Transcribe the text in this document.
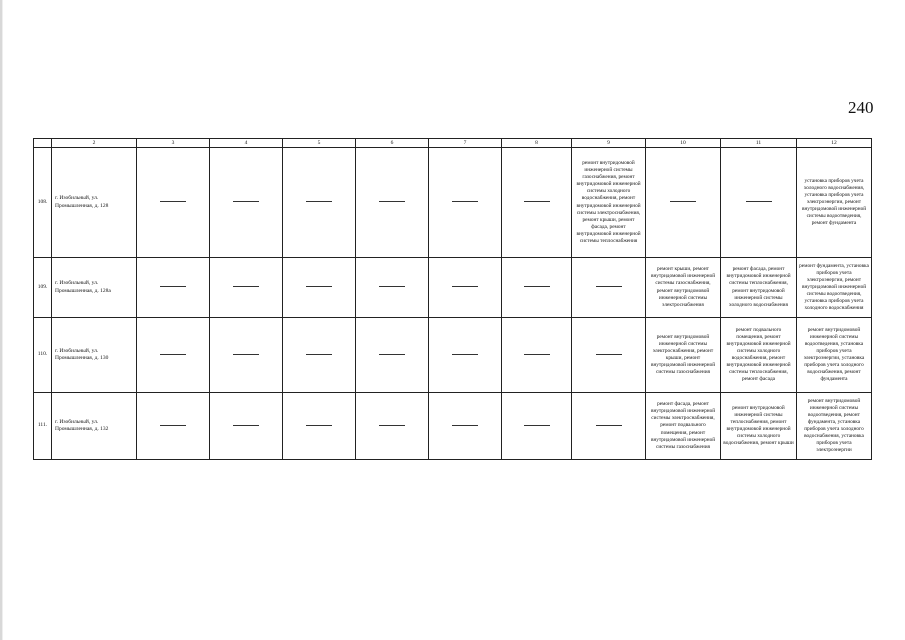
240
	2	3	4	5	6	7	8	9	10	11	12
108.	г. Изобильный, ул. Промышленная, д. 128							ремонт внутридомовой инженерной системы газоснабжения, ремонт внутридомовой инженерной системы холодного водоснабжения, ремонт внутридомовой инженерной системы электроснабжения, ремонт крыши, ремонт фасада, ремонт внутридомовой инженерной системы теплоснабжения			установка приборов учета холодного водоснабжения, установка приборов учета электроэнергии, ремонт внутридомовой инженерной системы водоотведения, ремонт фундамента
109.	г. Изобильный, ул. Промышленная, д. 128а								ремонт крыши, ремонт внутридомовой инженерной системы газоснабжения, ремонт внутридомовой инженерной системы электроснабжения	ремонт фасада, ремонт внутридомовой инженерной системы теплоснабжения, ремонт внутридомовой инженерной системы холодного водоснабжения	ремонт фундамента, установка приборов учета электроэнергии, ремонт внутридомовой инженерной системы водоотведения, установка приборов учета холодного водоснабжения
110.	г. Изобильный, ул. Промышленная, д. 130								ремонт внутридомовой инженерной системы электроснабжения, ремонт крыши, ремонт внутридомовой инженерной системы газоснабжения	ремонт подвального помещения, ремонт внутридомовой инженерной системы холодного водоснабжения, ремонт внутридомовой инженерной системы теплоснабжения, ремонт фасада	ремонт внутридомовой инженерной системы водоотведения, установка приборов учета электроэнергии, установка приборов учета холодного водоснабжения, ремонт фундамента
111.	г. Изобильный, ул. Промышленная, д. 132								ремонт фасада, ремонт внутридомовой инженерной системы электроснабжения, ремонт подвального помещения, ремонт внутридомовой инженерной системы газоснабжения	ремонт внутридомовой инженерной системы теплоснабжения, ремонт внутридомовой инженерной системы холодного водоснабжения, ремонт крыши	ремонт внутридомовой инженерной системы водоотведения, ремонт фундамента, установка приборов учета холодного водоснабжения, установка приборов учета электроэнергии
